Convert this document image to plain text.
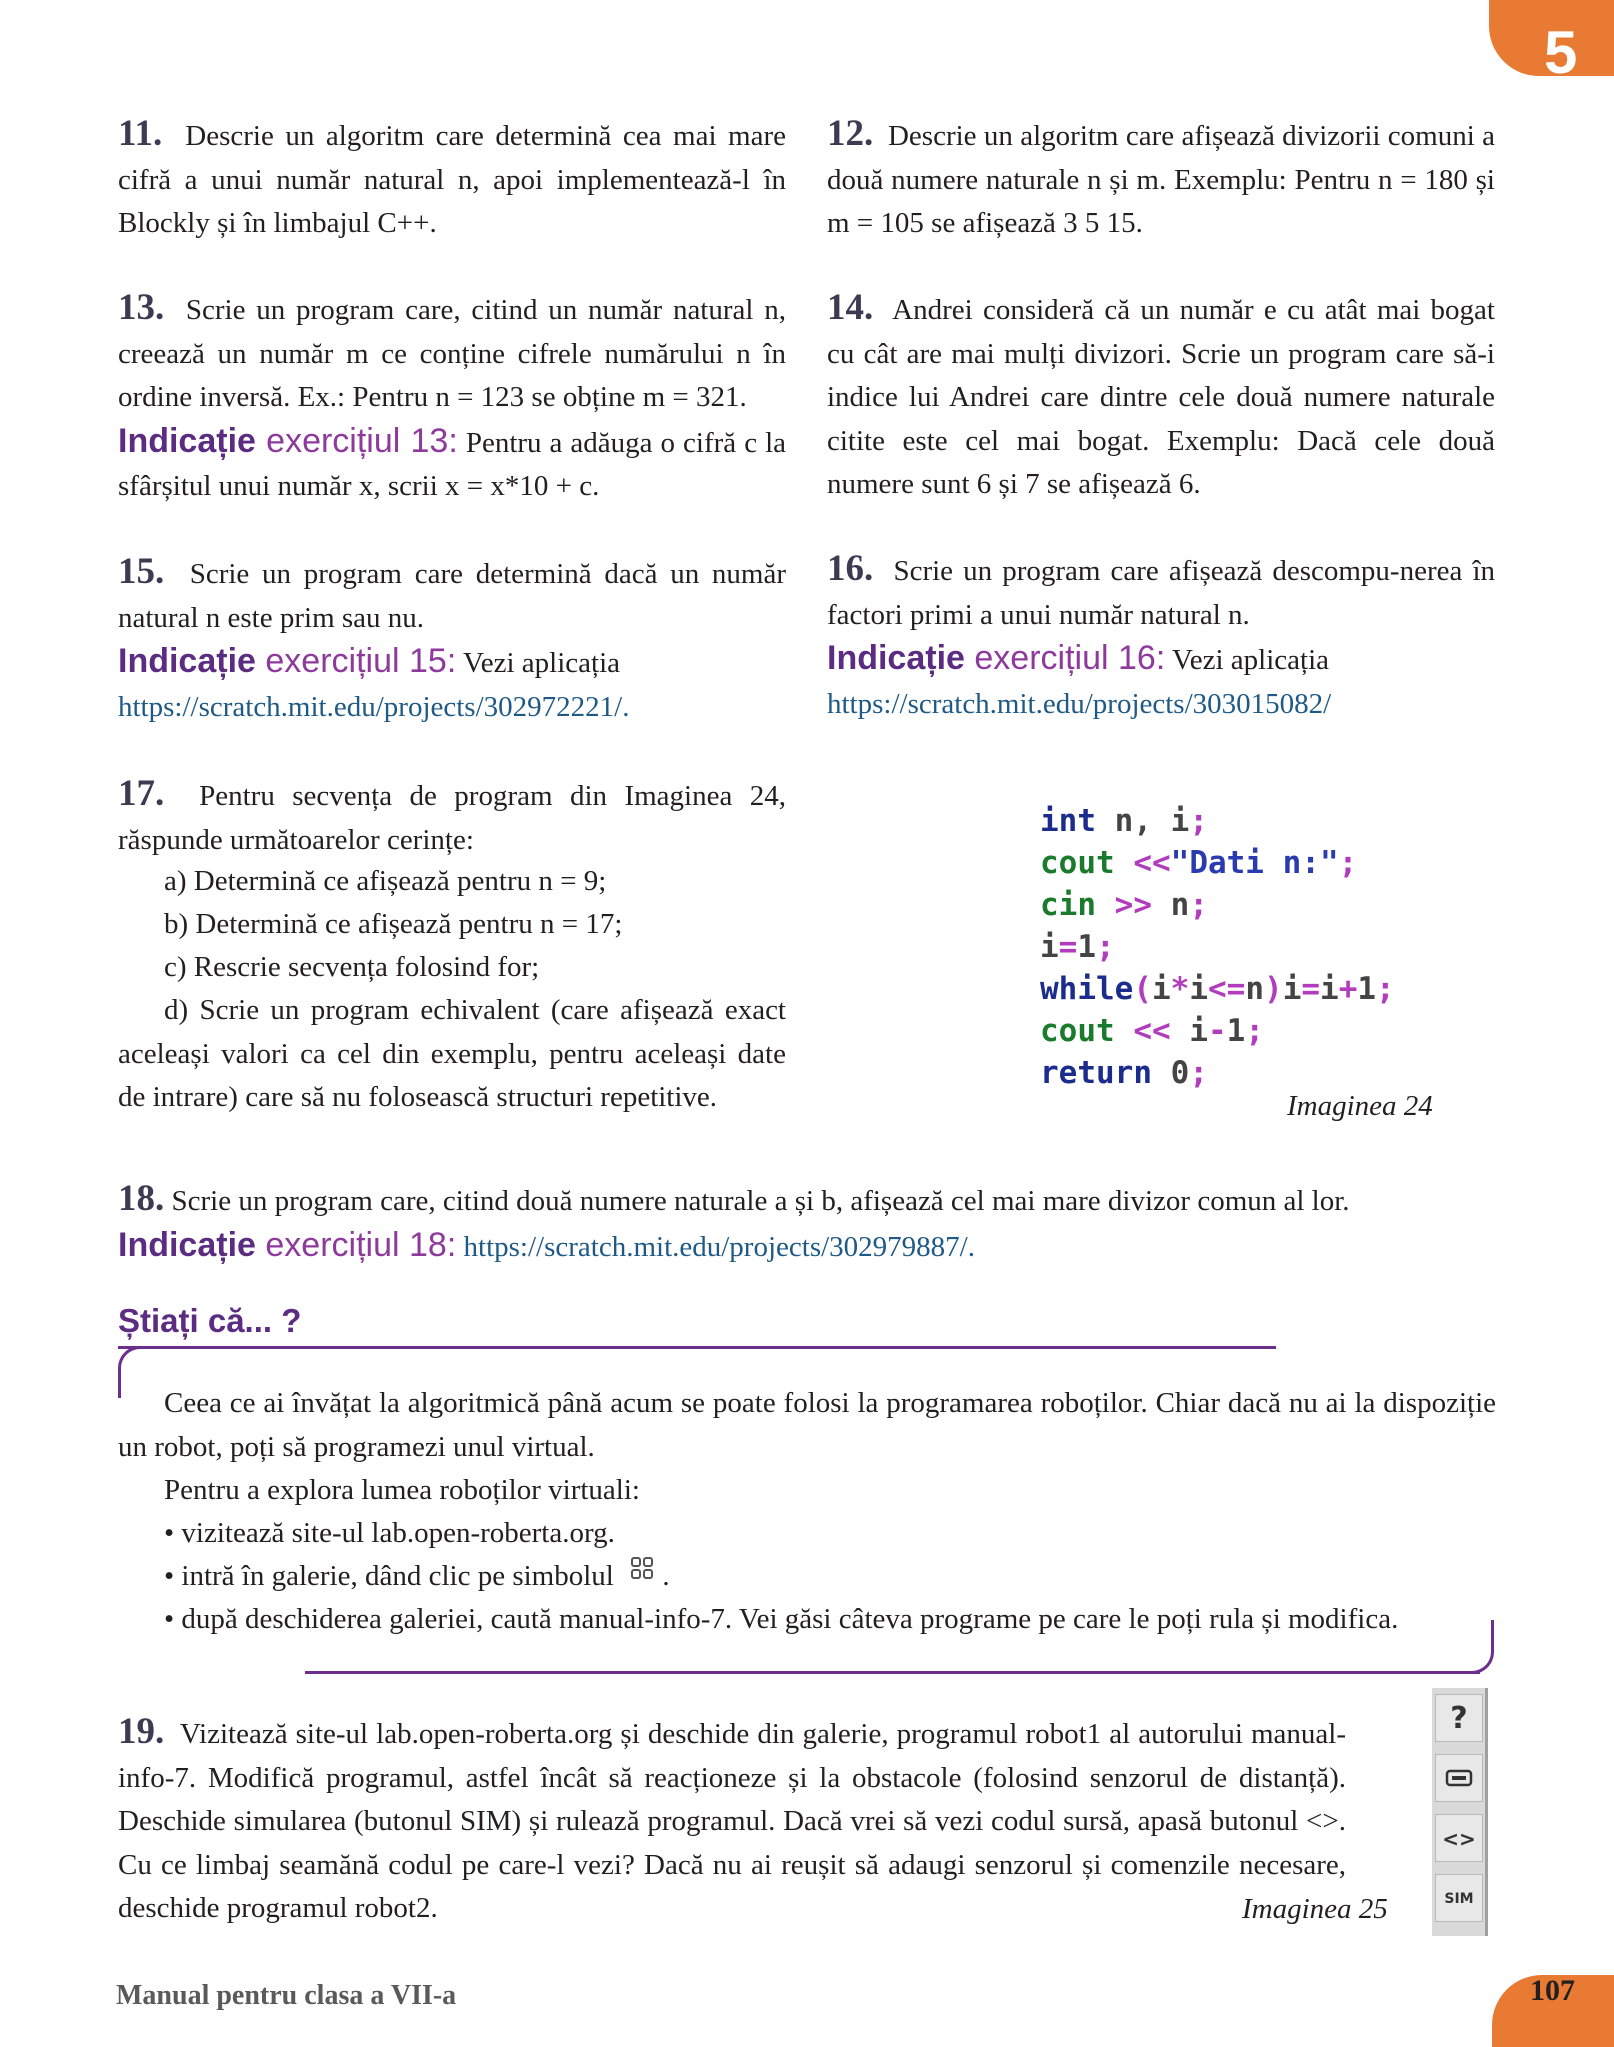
5
11. Descrie un algoritm care determină cea mai mare cifră a unui număr natural n, apoi implementează-l în Blockly și în limbajul C++.
12. Descrie un algoritm care afișează divizorii comuni a două numere naturale n și m. Exemplu: Pentru n = 180 și m = 105 se afișează 3 5 15.
13. Scrie un program care, citind un număr natural n, creează un număr m ce conține cifrele numărului n în ordine inversă. Ex.: Pentru n = 123 se obține m = 321.
Indicație exercițiul 13: Pentru a adăuga o cifră c la sfârșitul unui număr x, scrii x = x*10 + c.
14. Andrei consideră că un număr e cu atât mai bogat cu cât are mai mulți divizori. Scrie un program care să-i indice lui Andrei care dintre cele două numere naturale citite este cel mai bogat. Exemplu: Dacă cele două numere sunt 6 și 7 se afișează 6.
15. Scrie un program care determină dacă un număr natural n este prim sau nu.
Indicație exercițiul 15: Vezi aplicația
https://scratch.mit.edu/projects/302972221/.
16. Scrie un program care afișează descompu-nerea în factori primi a unui număr natural n.
Indicație exercițiul 16: Vezi aplicația
https://scratch.mit.edu/projects/303015082/
17. Pentru secvența de program din Imaginea 24, răspunde următoarelor cerințe:
a) Determină ce afișează pentru n = 9;
b) Determină ce afișează pentru n = 17;
c) Rescrie secvența folosind for;
d) Scrie un program echivalent (care afișează exact aceleași valori ca cel din exemplu, pentru aceleași date de intrare) care să nu folosească structuri repetitive.
int n, i;
cout <<"Dati n:";
cin >> n;
i=1;
while(i*i<=n)i=i+1;
cout << i-1;
return 0;
Imaginea 24
18. Scrie un program care, citind două numere naturale a și b, afișează cel mai mare divizor comun al lor.
Indicație exercițiul 18: https://scratch.mit.edu/projects/302979887/.
Știați că... ?
Ceea ce ai învățat la algoritmică până acum se poate folosi la programarea roboților. Chiar dacă nu ai la dispoziție un robot, poți să programezi unul virtual.
Pentru a explora lumea roboților virtuali:
• vizitează site-ul lab.open-roberta.org.
• intră în galerie, dând clic pe simbolul .
• după deschiderea galeriei, caută manual-info-7. Vei găsi câteva programe pe care le poți rula și modifica.
19. Vizitează site-ul lab.open-roberta.org și deschide din galerie, programul robot1 al autorului manual-info-7. Modifică programul, astfel încât să reacționeze și la obstacole (folosind senzorul de distanță). Deschide simularea (butonul SIM) și rulează programul. Dacă vrei să vezi codul sursă, apasă butonul <>. Cu ce limbaj seamănă codul pe care-l vezi? Dacă nu ai reușit să adaugi senzorul și comenzile necesare, deschide programul robot2.	Imaginea 25
?
<>
SIM
Manual pentru clasa a VII-a	107
